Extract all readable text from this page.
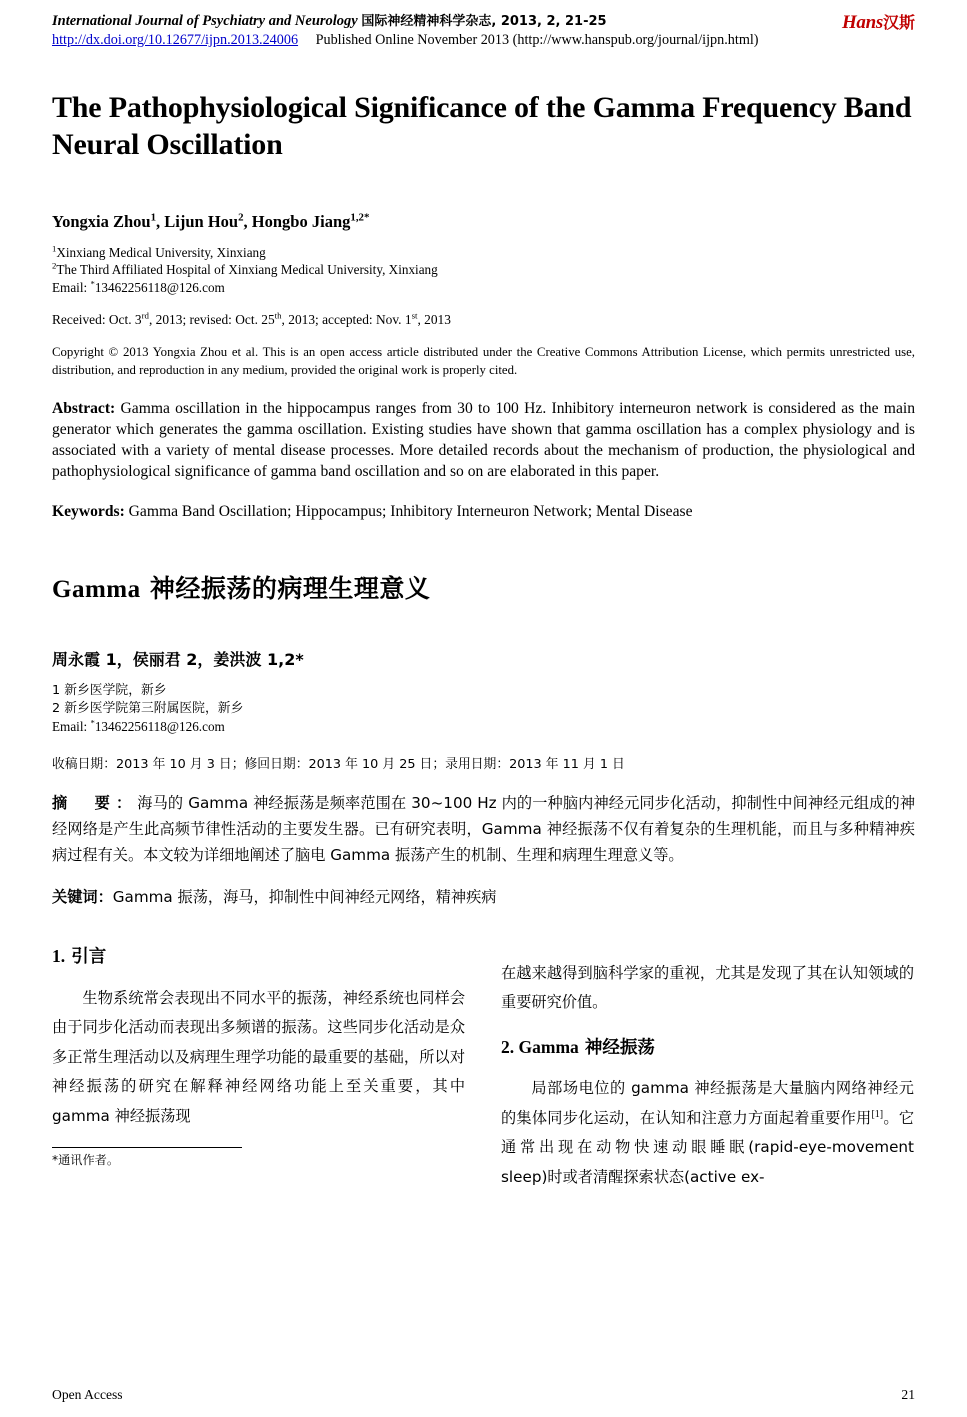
International Journal of Psychiatry and Neurology 国际神经精神科学杂志, 2013, 2, 21-25
http://dx.doi.org/10.12677/ijpn.2013.24006 Published Online November 2013 (http://www.hanspub.org/journal/ijpn.html)
Hans汉斯
The Pathophysiological Significance of the Gamma Frequency Band Neural Oscillation
Yongxia Zhou$^1$, Lijun Hou$^2$, Hongbo Jiang$^{1,2*}$
$^1$Xinxiang Medical University, Xinxiang
$^2$The Third Affiliated Hospital of Xinxiang Medical University, Xinxiang
Email: *13462256118@126.com
Received: Oct. 3rd, 2013; revised: Oct. 25th, 2013; accepted: Nov. 1st, 2013
Copyright © 2013 Yongxia Zhou et al. This is an open access article distributed under the Creative Commons Attribution License, which permits unrestricted use, distribution, and reproduction in any medium, provided the original work is properly cited.
Abstract: Gamma oscillation in the hippocampus ranges from 30 to 100 Hz. Inhibitory interneuron network is considered as the main generator which generates the gamma oscillation. Existing studies have shown that gamma oscillation has a complex physiology and is associated with a variety of mental disease processes. More detailed records about the mechanism of production, the physiological and pathophysiological significance of gamma band oscillation and so on are elaborated in this paper.
Keywords: Gamma Band Oscillation; Hippocampus; Inhibitory Interneuron Network; Mental Disease
Gamma 神经振荡的病理生理意义
周永霞 1，侯丽君 2，姜洪波 1,2*
1 新乡医学院，新乡
2 新乡医学院第三附属医院，新乡
Email: *13462256118@126.com
收稿日期：2013 年 10 月 3 日；修回日期：2013 年 10 月 25 日；录用日期：2013 年 11 月 1 日
摘　要：海马的 Gamma 神经振荡是频率范围在 30~100 Hz 内的一种脑内神经元同步化活动，抑制性中间神经元组成的神经网络是产生此高频节律性活动的主要发生器。已有研究表明，Gamma 神经振荡不仅有着复杂的生理机能，而且与多种精神疾病过程有关。本文较为详细地阐述了脑电 Gamma 振荡产生的机制、生理和病理生理意义等。
关键词：Gamma 振荡，海马，抑制性中间神经元网络，精神疾病
1. 引言

生物系统常会表现出不同水平的振荡，神经系统也同样会由于同步化活动而表现出多频谱的振荡。这些同步化活动是众多正常生理活动以及病理生理学功能的最重要的基础，所以对神经振荡的研究在解释神经网络功能上至关重要，其中 gamma 神经振荡现

*通讯作者。

在越来越得到脑科学家的重视，尤其是发现了其在认知领域的重要研究价值。

2. Gamma 神经振荡

局部场电位的 gamma 神经振荡是大量脑内网络神经元的集体同步化运动，在认知和注意力方面起着重要作用[1]。它通常出现在动物快速动眼睡眠(rapid-eye-movement sleep)时或者清醒探索状态(active ex-

Open Access	21
